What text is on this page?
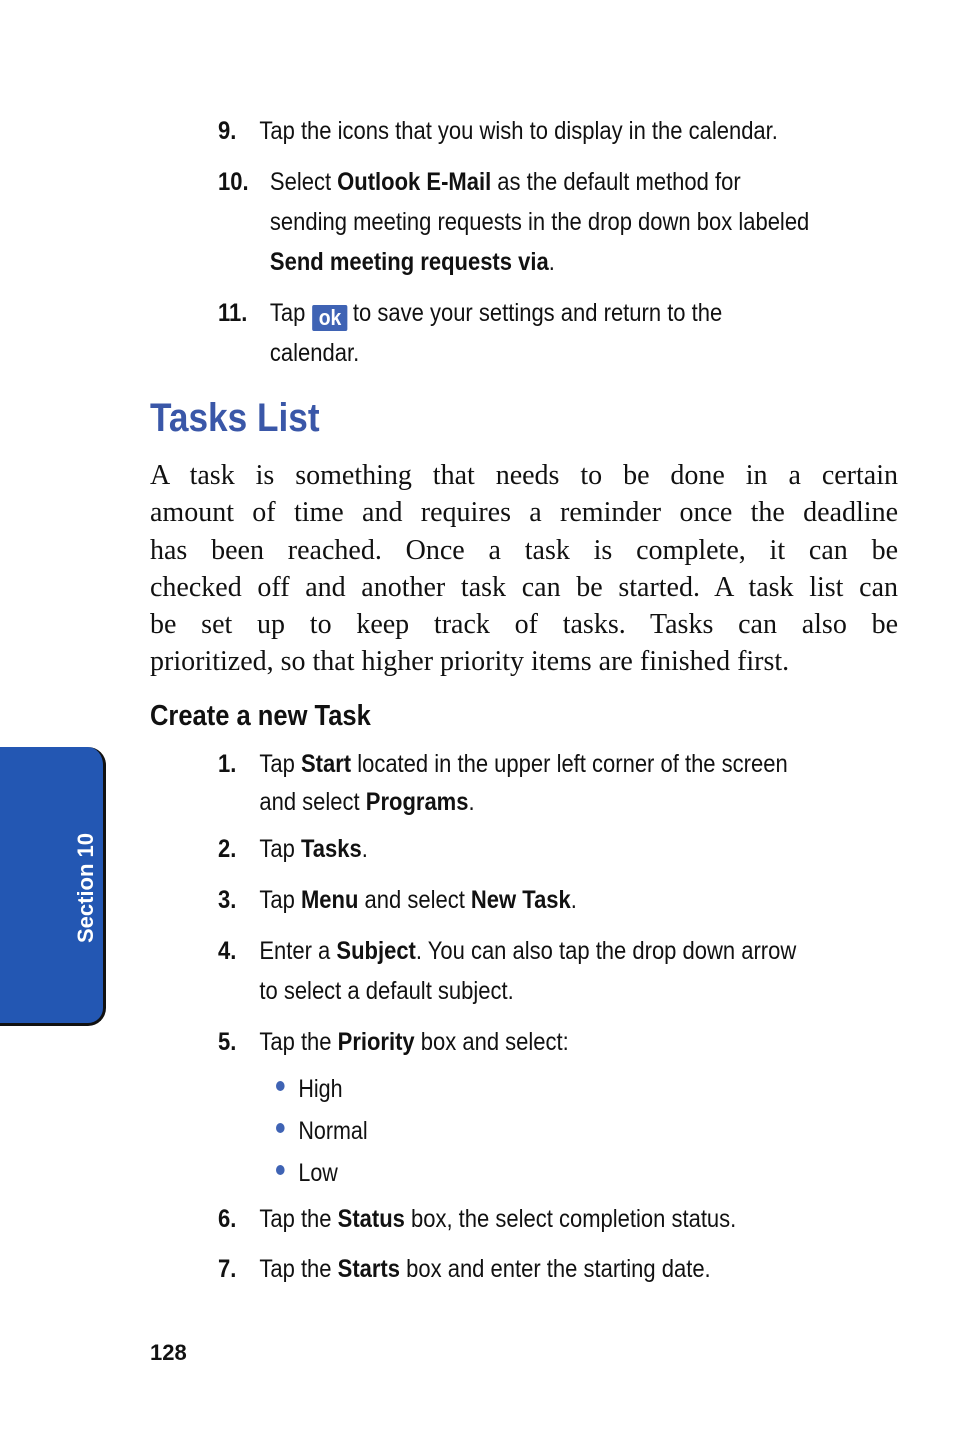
9. Tap the icons that you wish to display in the calendar.
10. Select Outlook E-Mail as the default method for
sending meeting requests in the drop down box labeled
Send meeting requests via.
11. Tap ok to save your settings and return to the
calendar.
Tasks List
A task is something that needs to be done in a certain
amount of time and requires a reminder once the deadline
has been reached. Once a task is complete, it can be
checked off and another task can be started. A task list can
be set up to keep track of tasks. Tasks can also be
prioritized, so that higher priority items are finished first.
Create a new Task
1. Tap Start located in the upper left corner of the screen
and select Programs.
2. Tap Tasks.
3. Tap Menu and select New Task.
4. Enter a Subject. You can also tap the drop down arrow
to select a default subject.
5. Tap the Priority box and select:
High
Normal
Low
6. Tap the Status box, the select completion status.
7. Tap the Starts box and enter the starting date.
Section 10
128
